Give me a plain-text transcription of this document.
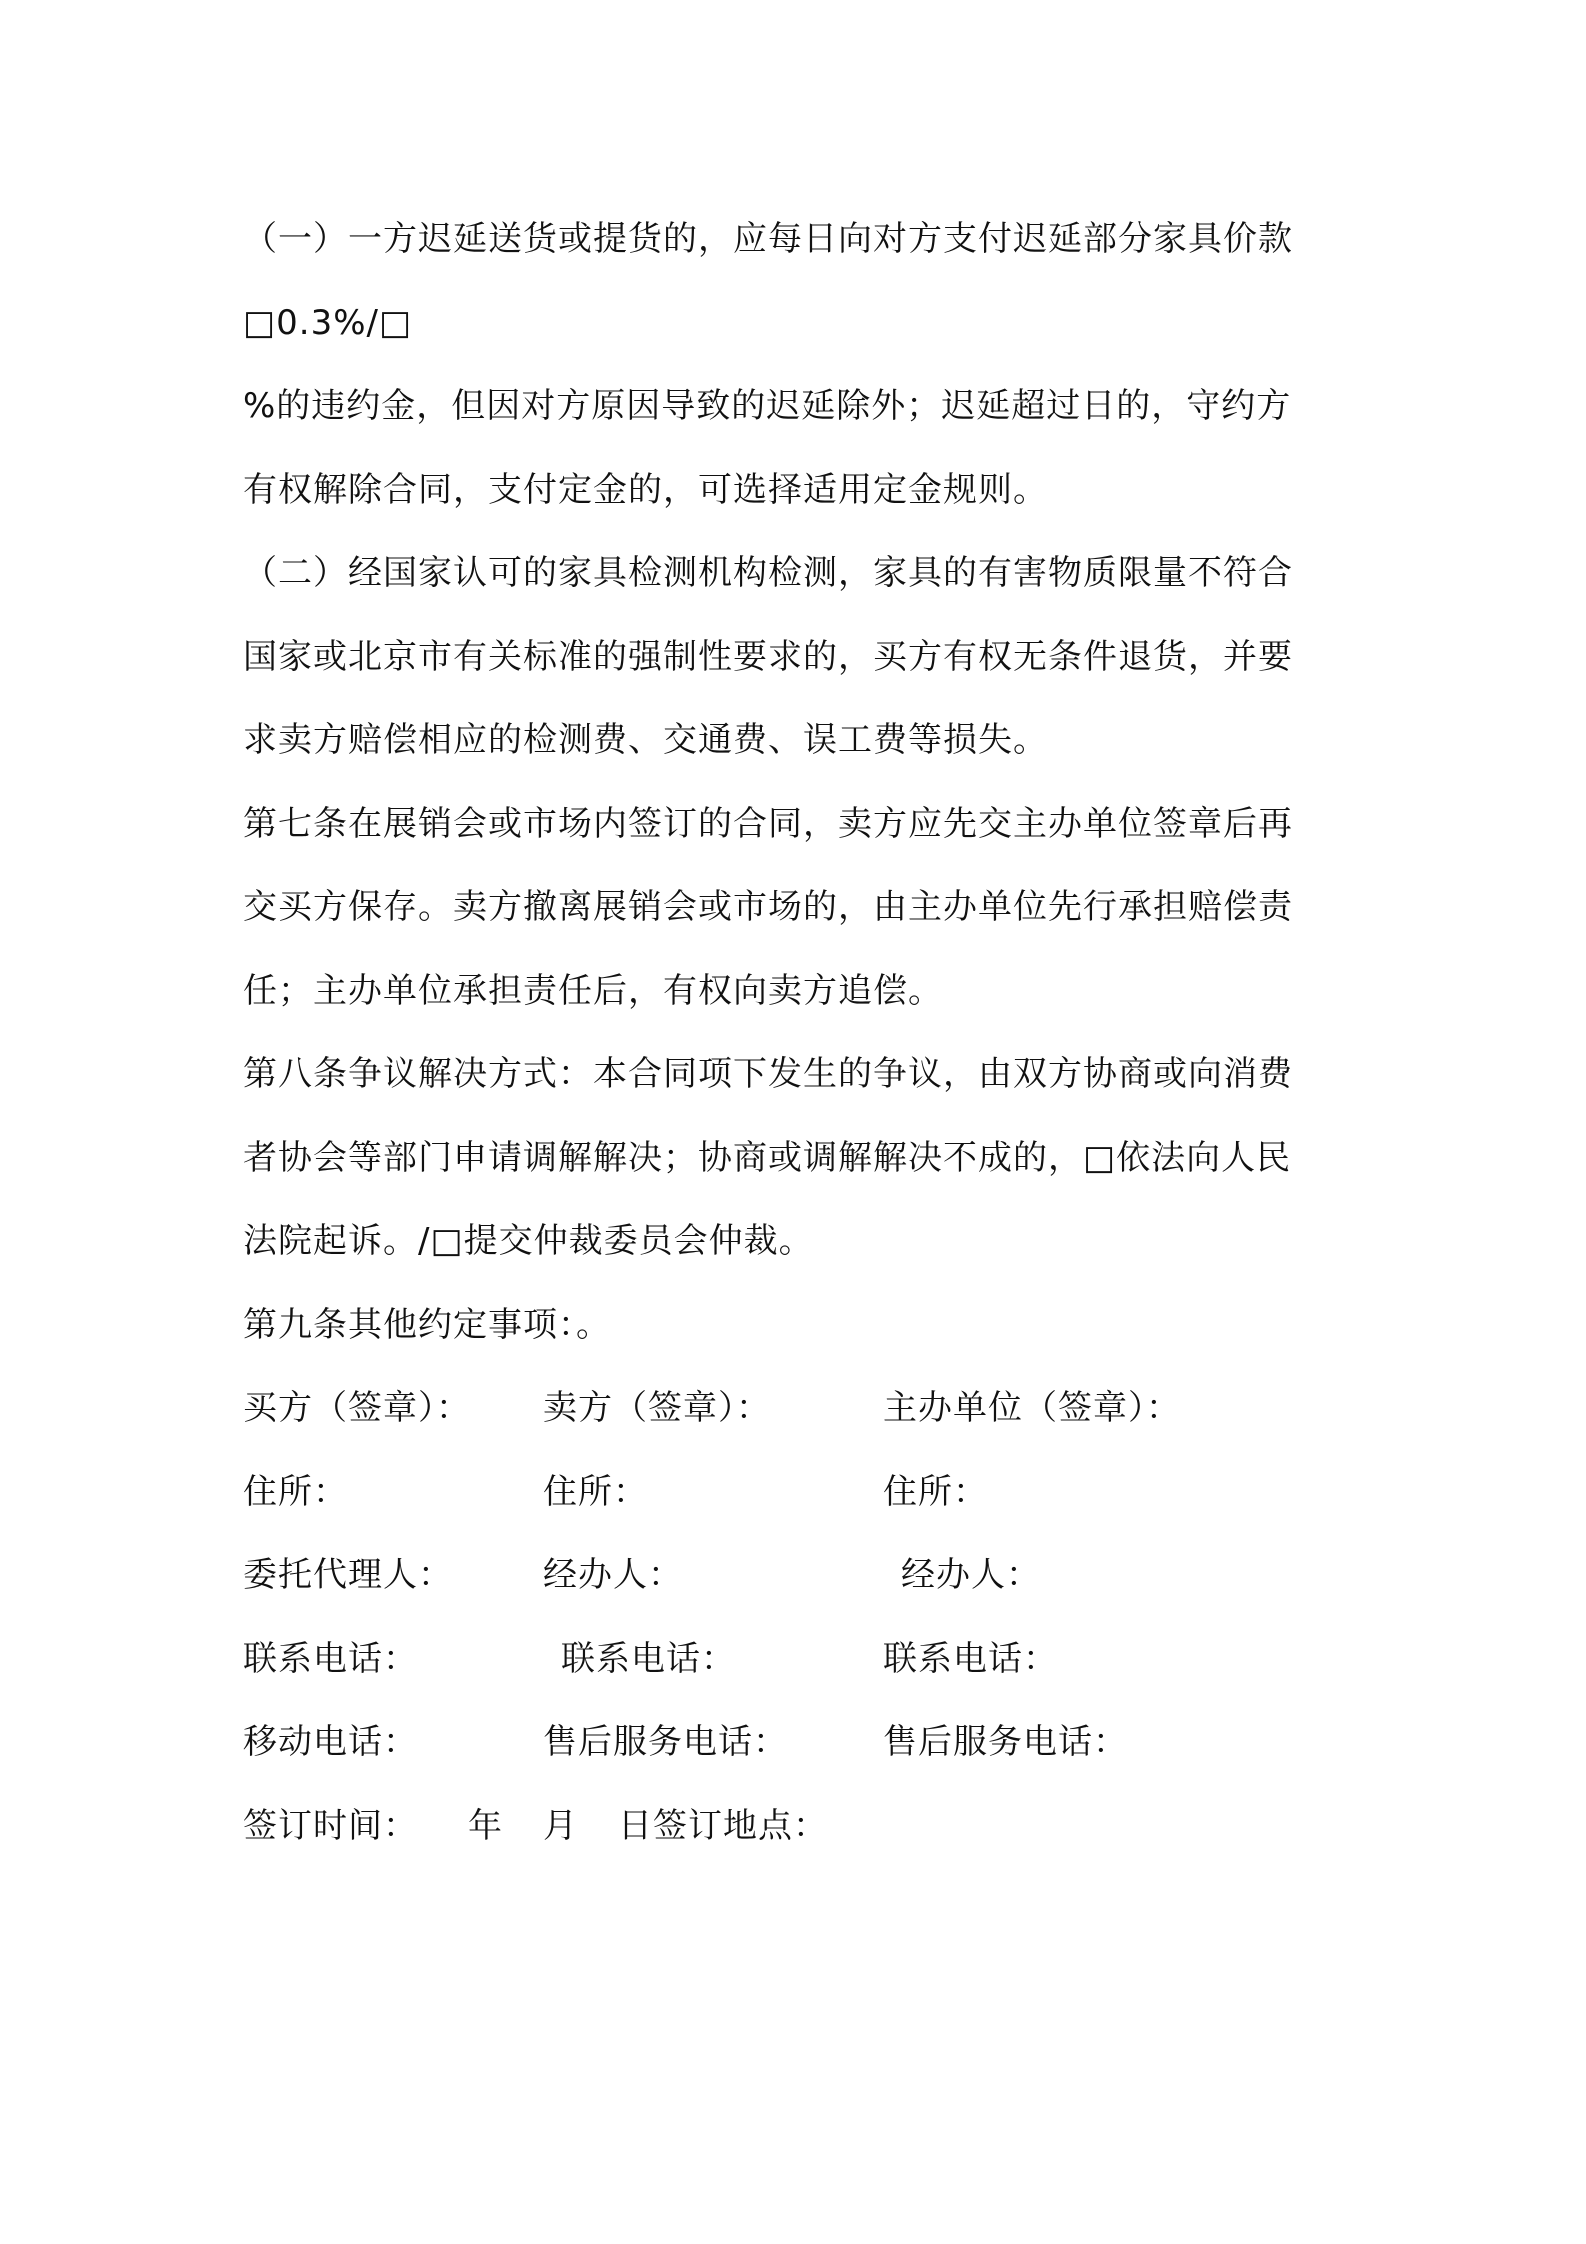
（一）一方迟延送货或提货的，应每日向对方支付迟延部分家具价款
□0.3%/□
%的违约金，但因对方原因导致的迟延除外；迟延超过日的，守约方
有权解除合同，支付定金的，可选择适用定金规则。
（二）经国家认可的家具检测机构检测，家具的有害物质限量不符合
国家或北京市有关标准的强制性要求的，买方有权无条件退货，并要
求卖方赔偿相应的检测费、交通费、误工费等损失。
第七条在展销会或市场内签订的合同，卖方应先交主办单位签章后再
交买方保存。卖方撤离展销会或市场的，由主办单位先行承担赔偿责
任；主办单位承担责任后，有权向卖方追偿。
第八条争议解决方式：本合同项下发生的争议，由双方协商或向消费
者协会等部门申请调解解决；协商或调解解决不成的，□依法向人民
法院起诉。/□提交仲裁委员会仲裁。
第九条其他约定事项：。
买方（签章）： 卖方（签章）：	主办单位（签章）：
住所：	住所：	住所：
委托代理人：	经办人：	经办人：
联系电话：	联系电话：	联系电话：
移动电话：	售后服务电话：	售后服务电话：
签订时间： 年 月 日签订地点：
